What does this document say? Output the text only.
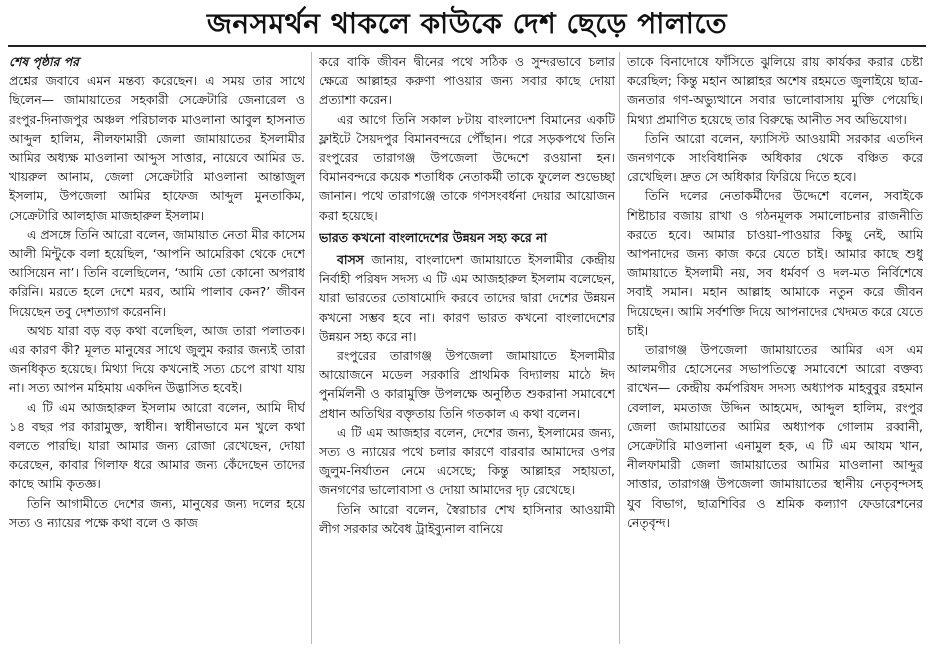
জনসমর্থন থাকলে কাউকে দেশ ছেড়ে পালাতে

শেষ পৃষ্ঠার পর

প্রশ্নের জবাবে এমন মন্তব্য করেছেন। এ সময় তার সাথে ছিলেন— জামায়াতের সহকারী সেক্রেটারি জেনারেল ও রংপুর-দিনাজপুর অঞ্চল পরিচালক মাওলানা আবুল হাসনাত আব্দুল হালিম, নীলফামারী জেলা জামায়াতের ইসলামীর আমির অধ্যক্ষ মাওলানা আব্দুস সাত্তার, নায়েবে আমির ড. খায়রুল আনাম, জেলা সেক্রেটারি মাওলানা আন্তাজুল ইসলাম, উপজেলা আমির হাফেজ আব্দুল মুনতাকিম, সেক্রেটারি আলহাজ মাজহারুল ইসলাম।

এ প্রসঙ্গে তিনি আরো বলেন, জামায়াত নেতা মীর কাসেম আলী মিন্টুকে বলা হয়েছিল, ‘আপনি আমেরিকা থেকে দেশে আসিয়েন না’। তিনি বলেছিলেন, ‘আমি তো কোনো অপরাধ করিনি। মরতে হলে দেশে মরব, আমি পালাব কেন?’ জীবন দিয়েছেন তবু দেশত্যাগ করেননি।

অথচ যারা বড় বড় কথা বলেছিল, আজ তারা পলাতক। এর কারণ কী? মূলত মানুষের সাথে জুলুম করার জন্যই তারা জনধিকৃত হয়েছে। মিথ্যা দিয়ে কখনোই সত্য চেপে রাখা যায় না। সত্য আপন মহিমায় একদিন উদ্ভাসিত হবেই।

এ টি এম আজহারুল ইসলাম আরো বলেন, আমি দীর্ঘ ১৪ বছর পর কারামুক্ত, স্বাধীন। স্বাধীনভাবে মন খুলে কথা বলতে পারছি। যারা আমার জন্য রোজা রেখেছেন, দোয়া করেছেন, কাবার গিলাফ ধরে আমার জন্য কেঁদেছেন তাদের কাছে আমি কৃতজ্ঞ।

তিনি আগামীতে দেশের জন্য, মানুষের জন্য দলের হয়ে সত্য ও ন্যায়ের পক্ষে কথা বলে ও কাজ

করে বাকি জীবন দ্বীনের পথে সঠিক ও সুন্দরভাবে চলার ক্ষেত্রে আল্লাহর করুণা পাওয়ার জন্য সবার কাছে দোয়া প্রত্যাশা করেন।

এর আগে তিনি সকাল ৮টায় বাংলাদেশ বিমানের একটি ফ্লাইটে সৈয়দপুর বিমানবন্দরে পৌঁছান। পরে সড়কপথে তিনি রংপুরের তারাগঞ্জ উপজেলা উদ্দেশে রওয়ানা হন। বিমানবন্দরে কয়েক শতাধিক নেতাকর্মী তাকে ফুলেল শুভেচ্ছা জানান। পথে তারাগঞ্জে তাকে গণসংবর্ধনা দেয়ার আয়োজন করা হয়েছে।

ভারত কখনো বাংলাদেশের উন্নয়ন সহ্য করে না

বাসস জানায়, বাংলাদেশ জামায়াতে ইসলামীর কেন্দ্রীয় নির্বাহী পরিষদ সদস্য এ টি এম আজহারুল ইসলাম বলেছেন, যারা ভারতের তোষামোদি করবে তাদের দ্বারা দেশের উন্নয়ন কখনো সম্ভব হবে না। কারণ ভারত কখনো বাংলাদেশের উন্নয়ন সহ্য করে না।

রংপুরের তারাগঞ্জ উপজেলা জামায়াতে ইসলামীর আয়োজনে মডেল সরকারি প্রাথমিক বিদ্যালয় মাঠে ঈদ পুনর্মিলনী ও কারামুক্তি উপলক্ষে অনুষ্ঠিত শুকরানা সমাবেশে প্রধান অতিথির বক্তৃতায় তিনি গতকাল এ কথা বলেন।

এ টি এম আজহার বলেন, দেশের জন্য, ইসলামের জন্য, সত্য ও ন্যায়ের পথে চলার কারণে বারবার আমাদের ওপর জুলুম-নির্যাতন নেমে এসেছে; কিন্তু আল্লাহর সহায়তা, জনগণের ভালোবাসা ও দোয়া আমাদের দৃঢ় রেখেছে।

তিনি আরো বলেন, স্বৈরাচার শেখ হাসিনার আওয়ামী লীগ সরকার অবৈধ ট্রাইব্যুনাল বানিয়ে

তাকে বিনাদোষে ফাঁসিতে ঝুলিয়ে রায় কার্যকর করার চেষ্টা করেছিল; কিন্তু মহান আল্লাহর অশেষ রহমতে জুলাইয়ে ছাত্র-জনতার গণ-অভ্যুত্থানে সবার ভালোবাসায় মুক্তি পেয়েছি। মিথ্যা প্রমাণিত হয়েছে তার বিরুদ্ধে আনীত সব অভিযোগ।

তিনি আরো বলেন, ফ্যাসিস্ট আওয়ামী সরকার এতদিন জনগণকে সাংবিধানিক অধিকার থেকে বঞ্চিত করে রেখেছিল। দ্রুত সে অধিকার ফিরিয়ে দিতে হবে।

তিনি দলের নেতাকর্মীদের উদ্দেশে বলেন, সবাইকে শিষ্টাচার বজায় রাখা ও গঠনমূলক সমালোচনার রাজনীতি করতে হবে। আমার চাওয়া-পাওয়ার কিছু নেই, আমি আপনাদের জন্য কাজ করে যেতে চাই। আমার কাছে শুধু জামায়াতে ইসলামী নয়, সব ধর্মবর্ণ ও দল-মত নির্বিশেষে সবাই সমান। মহান আল্লাহ আমাকে নতুন করে জীবন দিয়েছেন। আমি সর্বশক্তি দিয়ে আপনাদের খেদমত করে যেতে চাই।

তারাগঞ্জ উপজেলা জামায়াতের আমির এস এম আলমগীর হোসেনের সভাপতিত্বে সমাবেশে আরো বক্তব্য রাখেন— কেন্দ্রীয় কর্মপরিষদ সদস্য অধ্যাপক মাহবুবুর রহমান বেলাল, মমতাজ উদ্দিন আহমেদ, আব্দুল হালিম, রংপুর জেলা জামায়াতের আমির অধ্যাপক গোলাম রব্বানী, সেক্রেটারি মাওলানা এনামুল হক, এ টি এম আযম খান, নীলফামারী জেলা জামায়াতের আমির মাওলানা আব্দুর সাত্তার, তারাগঞ্জ উপজেলা জামায়াতের স্থানীয় নেতৃবৃন্দসহ যুব বিভাগ, ছাত্রশিবির ও শ্রমিক কল্যাণ ফেডারেশনের নেতৃবৃন্দ।
